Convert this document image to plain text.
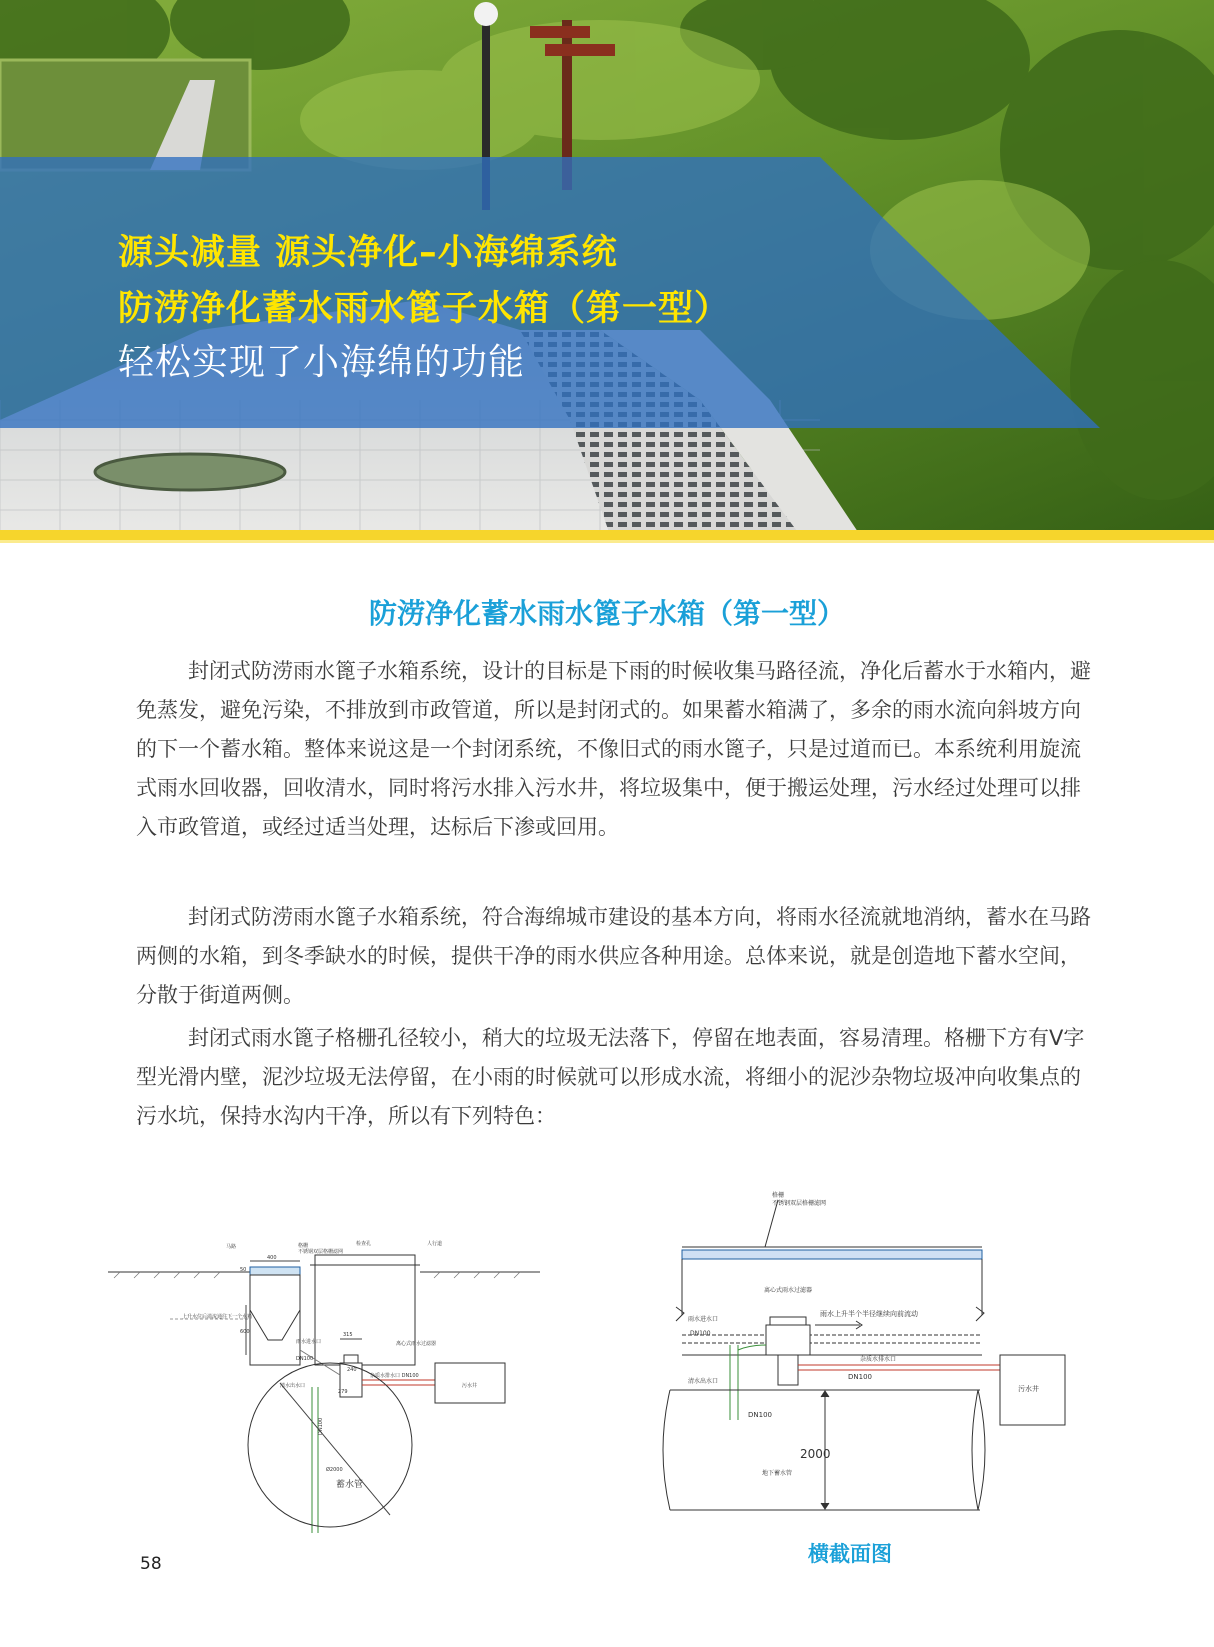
源头减量 源头净化–小海绵系统
防涝净化蓄水雨水篦子水箱（第一型）
轻松实现了小海绵的功能
防涝净化蓄水雨水篦子水箱（第一型）

封闭式防涝雨水篦子水箱系统，设计的目标是下雨的时候收集马路径流，净化后蓄水于水箱内，避免蒸发，避免污染，不排放到市政管道，所以是封闭式的。如果蓄水箱满了，多余的雨水流向斜坡方向的下一个蓄水箱。整体来说这是一个封闭系统，不像旧式的雨水篦子，只是过道而已。本系统利用旋流式雨水回收器，回收清水，同时将污水排入污水井，将垃圾集中，便于搬运处理，污水经过处理可以排入市政管道，或经过适当处理，达标后下渗或回用。

封闭式防涝雨水篦子水箱系统，符合海绵城市建设的基本方向，将雨水径流就地消纳，蓄水在马路两侧的水箱，到冬季缺水的时候，提供干净的雨水供应各种用途。总体来说，就是创造地下蓄水空间，分散于街道两侧。

封闭式雨水篦子格栅孔径较小，稍大的垃圾无法落下，停留在地表面，容易清理。格栅下方有V字型光滑内壁，泥沙垃圾无法停留，在小雨的时候就可以形成水流，将细小的泥沙杂物垃圾冲向收集点的污水坑，保持水沟内干净，所以有下列特色：

马路	格栅
不锈钢双层格栅滤网
检查孔	人行道
400
50
600	315
240
279
雨水进水口	离心式雨水过滤器
DN100
上升水位后溢流通往下一个水箱
清水出水口
杂质水排水口 DN100
污水井
DN100
Ø2000
蓄水管
格栅
不锈钢双层格栅滤网
离心式雨水过滤器
雨水进水口
雨水上升半个半径继续向前流动
DN100
杂质水排水口
DN100
清水出水口
DN100
污水井
2000
地下蓄水管
横截面图
58
